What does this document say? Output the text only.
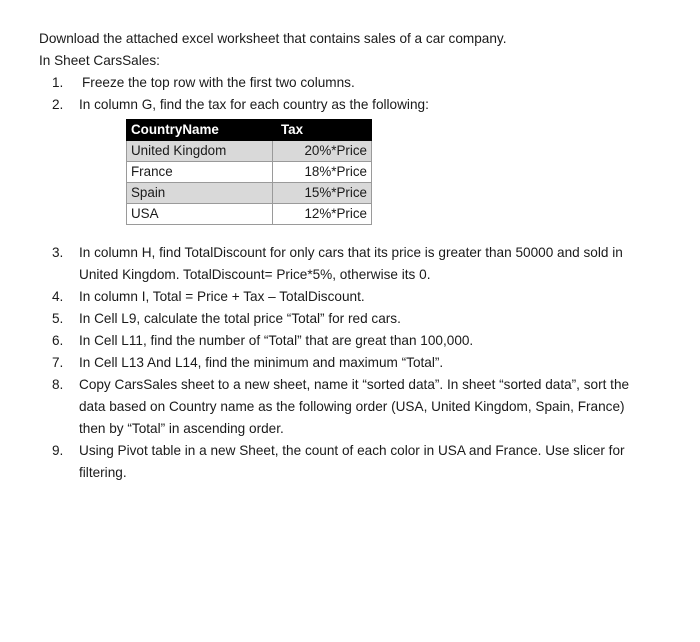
Download the attached excel worksheet that contains sales of a car company.
In Sheet CarsSales:
1.	Freeze the top row with the first two columns.
2.	In column G, find the tax for each country as the following:
CountryName	Tax
United Kingdom	20%*Price
France	18%*Price
Spain	15%*Price
USA	12%*Price
3.	In column H, find TotalDiscount for only cars that its price is greater than 50000 and sold in
United Kingdom. TotalDiscount= Price*5%, otherwise its 0.
4.	In column I, Total = Price + Tax – TotalDiscount.
5.	In Cell L9, calculate the total price “Total” for red cars.
6.	In Cell L11, find the number of “Total” that are great than 100,000.
7.	In Cell L13 And L14, find the minimum and maximum “Total”.
8.	Copy CarsSales sheet to a new sheet, name it “sorted data”. In sheet “sorted data”, sort the
data based on Country name as the following order (USA, United Kingdom, Spain, France)
then by “Total” in ascending order.
9.	Using Pivot table in a new Sheet, the count of each color in USA and France. Use slicer for
filtering.
